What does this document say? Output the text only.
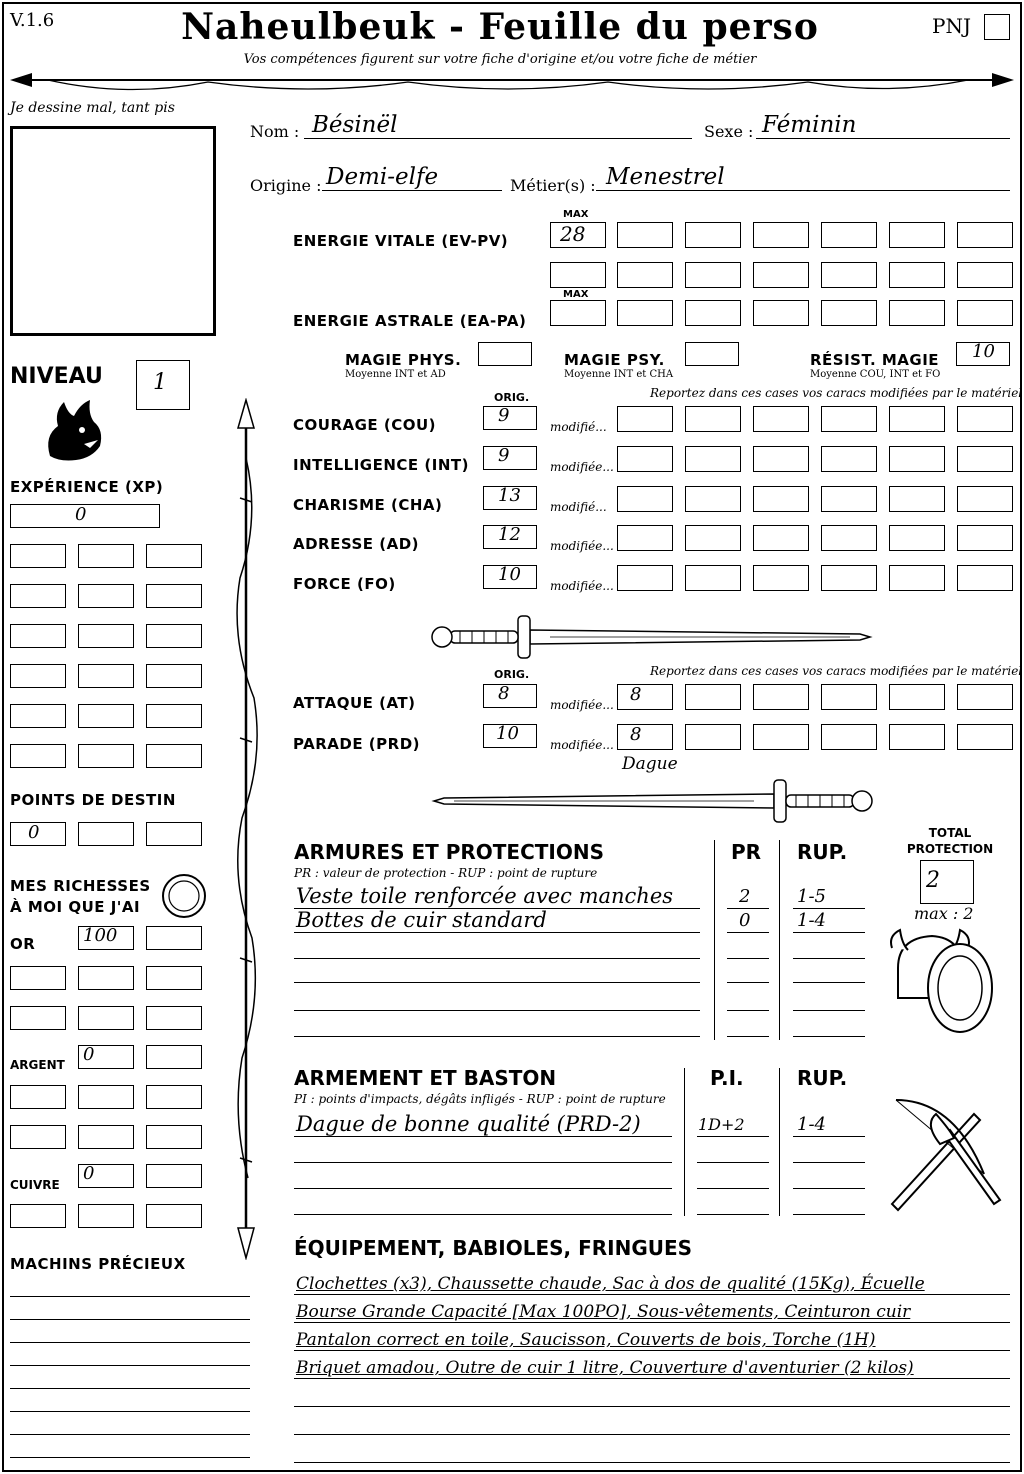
V.1.6	Naheulbeuk - Feuille du perso
Vos compétences figurent sur votre fiche d'origine et/ou votre fiche de métier
PNJ
Je dessine mal, tant pis
Nom : Bésinël	Sexe : Féminin
Origine : Demi-elfe	Métier(s) : Menestrel
MAX
ENERGIE VITALE (EV-PV)	28
MAX
ENERGIE ASTRALE (EA-PA)
MAGIE PHYS.
Moyenne INT et AD
MAGIE PSY.
Moyenne INT et CHA
RÉSIST. MAGIE
Moyenne COU, INT et FO
10
ORIG.	Reportez dans ces cases vos caracs modifiées par le matériel
ORIG.	Reportez dans ces cases vos caracs modifiées par le matériel
ATTAQUE (AT)	8
modifiée... 8
PARADE (PRD)	10
modifiée... 8
Dague
NIVEAU 1
EXPÉRIENCE (XP)
0
POINTS DE DESTIN
0
MES RICHESSES
À MOI QUE J'AI
OR	100
ARGENT 0
CUIVRE
0
MACHINS PRÉCIEUX
ARMURES ET PROTECTIONS
PR : valeur de protection - RUP : point de rupture
PR RUP.
TOTAL
PROTECTION
2
max : 2
ARMEMENT ET BASTON
PI : points d'impacts, dégâts infligés - RUP : point de rupture
P.I.	RUP.
ÉQUIPEMENT, BABIOLES, FRINGUES
COURAGE (COU)	9
modifié...
INTELLIGENCE (INT) 9
modifiée...
CHARISME (CHA)	13
modifié...
ADRESSE (AD)	12
modifiée...
FORCE (FO)	10
modifiée...
Veste toile renforcée avec manches	2	1-5
Bottes de cuir standard	0	1-4
Dague de bonne qualité (PRD-2)	1D+2	1-4
Clochettes (x3), Chaussette chaude, Sac à dos de qualité (15Kg), Écuelle
Bourse Grande Capacité [Max 100PO], Sous-vêtements, Ceinturon cuir
Pantalon correct en toile, Saucisson, Couverts de bois, Torche (1H)
Briquet amadou, Outre de cuir 1 litre, Couverture d'aventurier (2 kilos)
